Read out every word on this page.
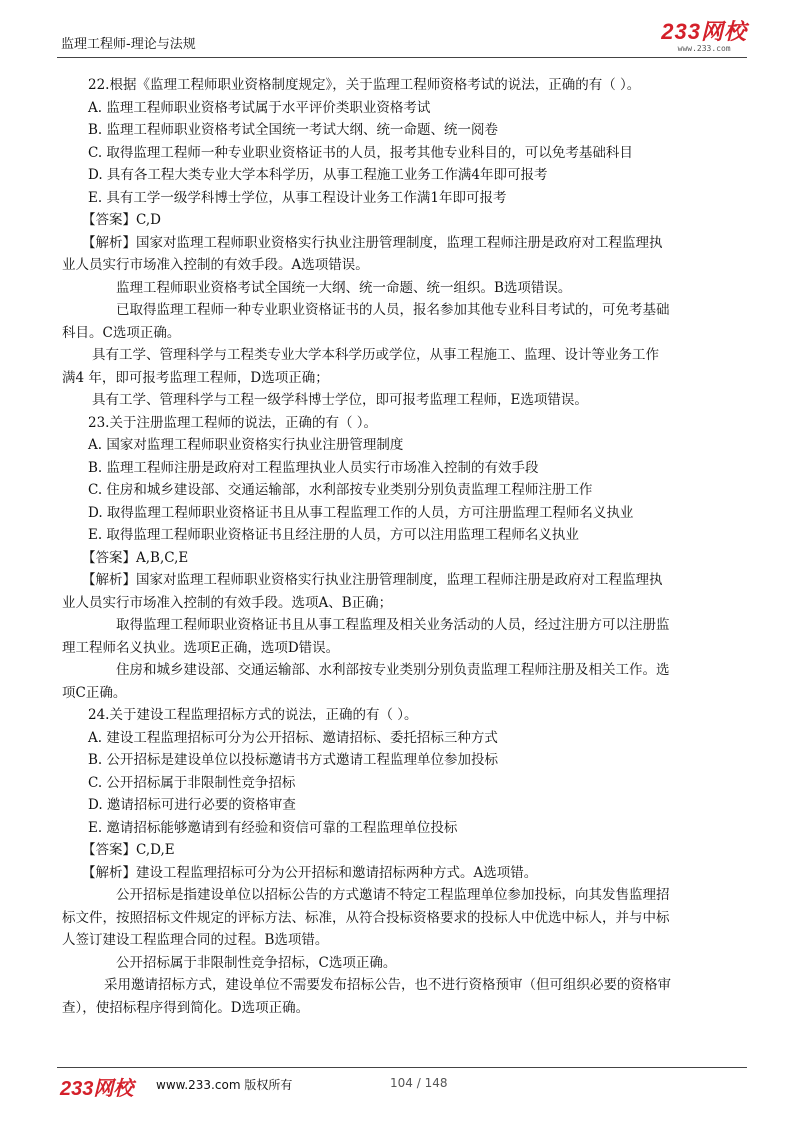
监理工程师-理论与法规
233网校
www.233.com
22.根据《监理工程师职业资格制度规定》，关于监理工程师资格考试的说法，正确的有（ ）。
A. 监理工程师职业资格考试属于水平评价类职业资格考试
B. 监理工程师职业资格考试全国统一考试大纲、统一命题、统一阅卷
C. 取得监理工程师一种专业职业资格证书的人员，报考其他专业科目的，可以免考基础科目
D. 具有各工程大类专业大学本科学历，从事工程施工业务工作满4年即可报考
E. 具有工学一级学科博士学位，从事工程设计业务工作满1年即可报考
【答案】C,D
【解析】国家对监理工程师职业资格实行执业注册管理制度，监理工程师注册是政府对工程监理执
业人员实行市场准入控制的有效手段。A选项错误。
监理工程师职业资格考试全国统一大纲、统一命题、统一组织。B选项错误。
已取得监理工程师一种专业职业资格证书的人员，报名参加其他专业科目考试的，可免考基础
科目。C选项正确。
具有工学、管理科学与工程类专业大学本科学历或学位，从事工程施工、监理、设计等业务工作
满4 年，即可报考监理工程师，D选项正确；
具有工学、管理科学与工程一级学科博士学位，即可报考监理工程师，E选项错误。
23.关于注册监理工程师的说法，正确的有（ ）。
A. 国家对监理工程师职业资格实行执业注册管理制度
B. 监理工程师注册是政府对工程监理执业人员实行市场准入控制的有效手段
C. 住房和城乡建设部、交通运输部，水利部按专业类别分别负责监理工程师注册工作
D. 取得监理工程师职业资格证书且从事工程监理工作的人员，方可注册监理工程师名义执业
E. 取得监理工程师职业资格证书且经注册的人员，方可以注用监理工程师名义执业
【答案】A,B,C,E
【解析】国家对监理工程师职业资格实行执业注册管理制度，监理工程师注册是政府对工程监理执
业人员实行市场准入控制的有效手段。选项A、B正确；
取得监理工程师职业资格证书且从事工程监理及相关业务活动的人员，经过注册方可以注册监
理工程师名义执业。选项E正确，选项D错误。
住房和城乡建设部、交通运输部、水利部按专业类别分别负责监理工程师注册及相关工作。选
项C正确。
24.关于建设工程监理招标方式的说法，正确的有（ ）。
A. 建设工程监理招标可分为公开招标、邀请招标、委托招标三种方式
B. 公开招标是建设单位以投标邀请书方式邀请工程监理单位参加投标
C. 公开招标属于非限制性竞争招标
D. 邀请招标可进行必要的资格审查
E. 邀请招标能够邀请到有经验和资信可靠的工程监理单位投标
【答案】C,D,E
【解析】建设工程监理招标可分为公开招标和邀请招标两种方式。A选项错。
公开招标是指建设单位以招标公告的方式邀请不特定工程监理单位参加投标，向其发售监理招
标文件，按照招标文件规定的评标方法、标准，从符合投标资格要求的投标人中优选中标人，并与中标
人签订建设工程监理合同的过程。B选项错。
公开招标属于非限制性竞争招标，C选项正确。
采用邀请招标方式，建设单位不需要发布招标公告，也不进行资格预审（但可组织必要的资格审
查），使招标程序得到简化。D选项正确。
233网校 www.233.com 版权所有	104 / 148
